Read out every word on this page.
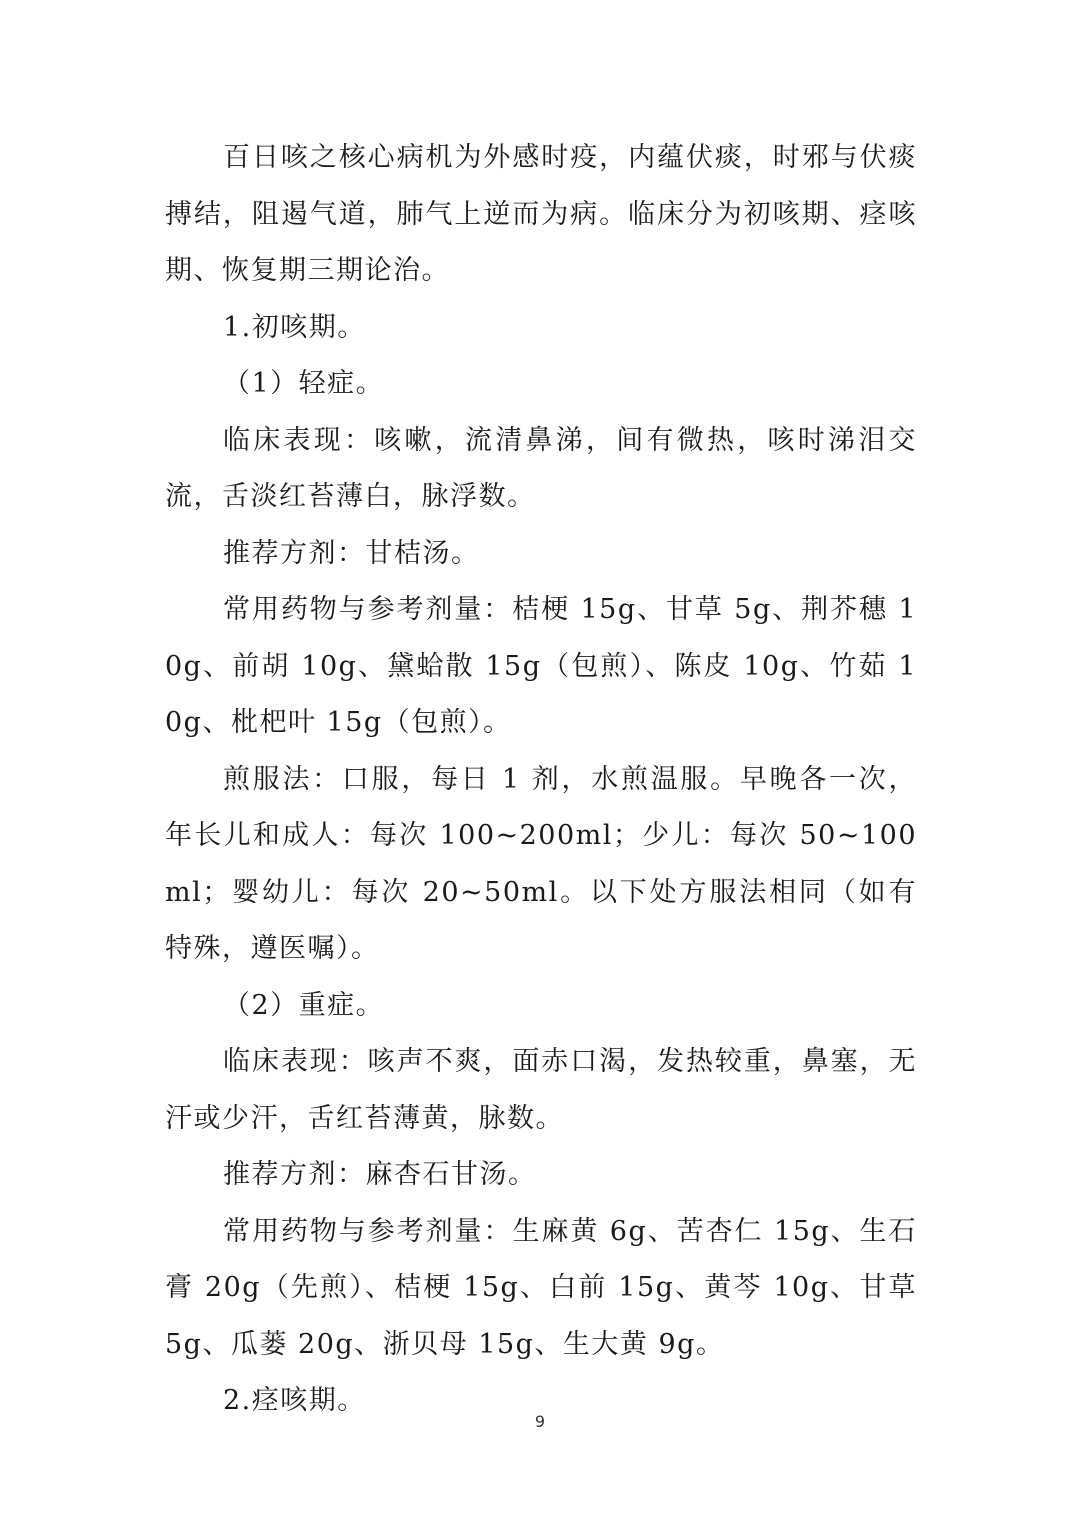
百日咳之核心病机为外感时疫，内蕴伏痰，时邪与伏痰搏结，阻遏气道，肺气上逆而为病。临床分为初咳期、痉咳期、恢复期三期论治。

1.初咳期。

（1）轻症。

临床表现：咳嗽，流清鼻涕，间有微热，咳时涕泪交流，舌淡红苔薄白，脉浮数。

推荐方剂：甘桔汤。

常用药物与参考剂量：桔梗 15g、甘草 5g、荆芥穗 10g、前胡 10g、黛蛤散 15g（包煎）、陈皮 10g、竹茹 10g、枇杷叶 15g（包煎）。

煎服法：口服，每日 1 剂，水煎温服。早晚各一次，年长儿和成人：每次 100~200ml；少儿：每次 50~100ml；婴幼儿：每次 20~50ml。以下处方服法相同（如有特殊，遵医嘱）。

（2）重症。

临床表现：咳声不爽，面赤口渴，发热较重，鼻塞，无汗或少汗，舌红苔薄黄，脉数。

推荐方剂：麻杏石甘汤。

常用药物与参考剂量：生麻黄 6g、苦杏仁 15g、生石膏 20g（先煎）、桔梗 15g、白前 15g、黄芩 10g、甘草 5g、瓜蒌 20g、浙贝母 15g、生大黄 9g。

2.痉咳期。

9
